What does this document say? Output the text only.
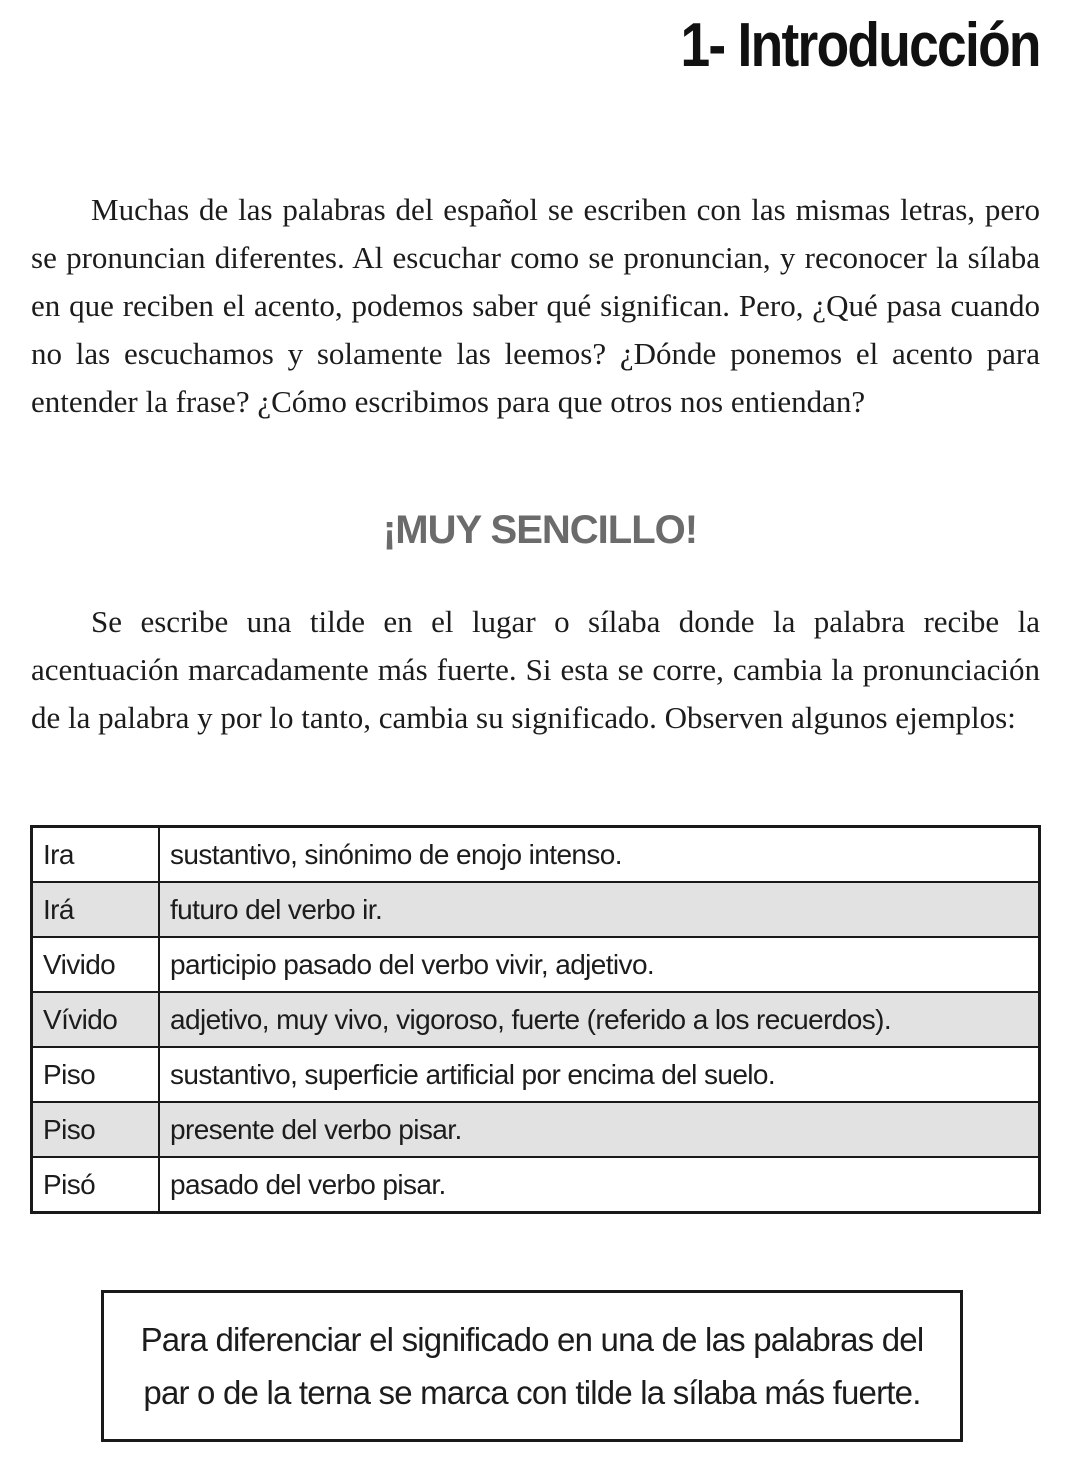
1- Introducción

Muchas de las palabras del español se escriben con las mismas letras, pero se pronuncian diferentes. Al escuchar como se pronuncian, y reconocer la sílaba en que reciben el acento, podemos saber qué significan. Pero, ¿Qué pasa cuando no las escuchamos y solamente las leemos? ¿Dónde ponemos el acento para entender la frase? ¿Cómo escribimos para que otros nos entiendan?

¡MUY SENCILLO!

Se escribe una tilde en el lugar o sílaba donde la palabra recibe la acentuación marcadamente más fuerte. Si esta se corre, cambia la pronunciación de la palabra y por lo tanto, cambia su significado. Observen algunos ejemplos:

Ira	sustantivo, sinónimo de enojo intenso.
Irá	futuro del verbo ir.
Vivido	participio pasado del verbo vivir, adjetivo.
Vívido	adjetivo, muy vivo, vigoroso, fuerte (referido a los recuerdos).
Piso	sustantivo, superficie artificial por encima del suelo.
Piso	presente del verbo pisar.
Pisó	pasado del verbo pisar.

Para diferenciar el significado en una de las palabras del
par o de la terna se marca con tilde la sílaba más fuerte.
